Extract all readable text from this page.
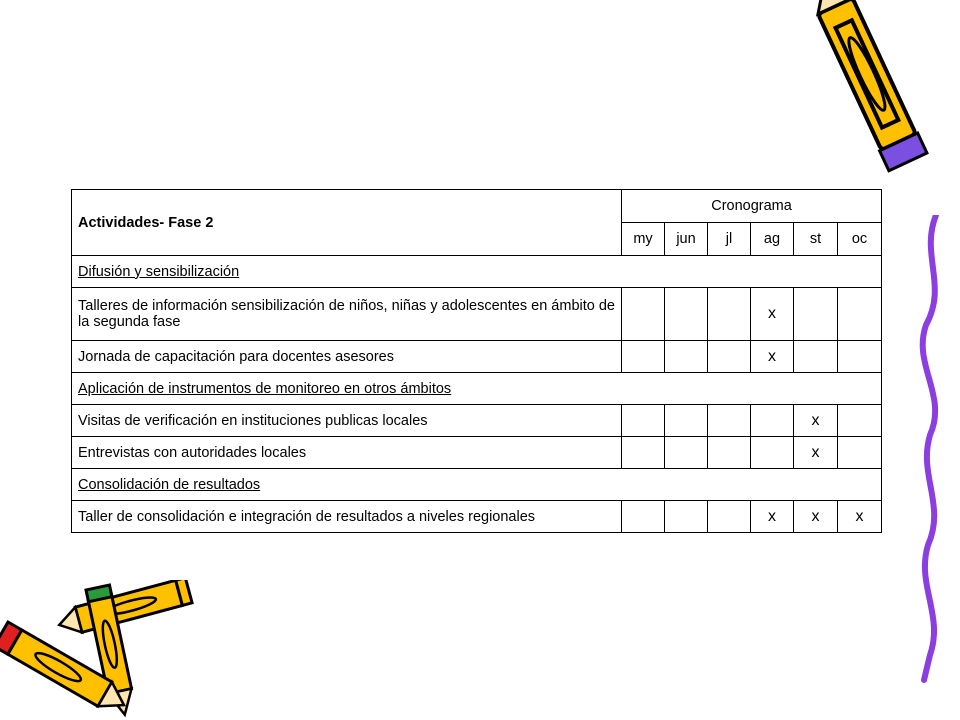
Actividades- Fase 2	Cronograma					
	my	jun	jl	ag	st	oc
Difusión y sensibilización						
Talleres de información sensibilización de niños, niñas y adolescentes en ámbito de la segunda fase				x		
Jornada de capacitación para docentes asesores				x		
Aplicación de instrumentos de monitoreo en otros ámbitos						
Visitas de verificación en instituciones publicas locales					x	
Entrevistas con autoridades locales					x	
Consolidación de resultados						
Taller de consolidación e integración de resultados a niveles regionales				x	x	x
